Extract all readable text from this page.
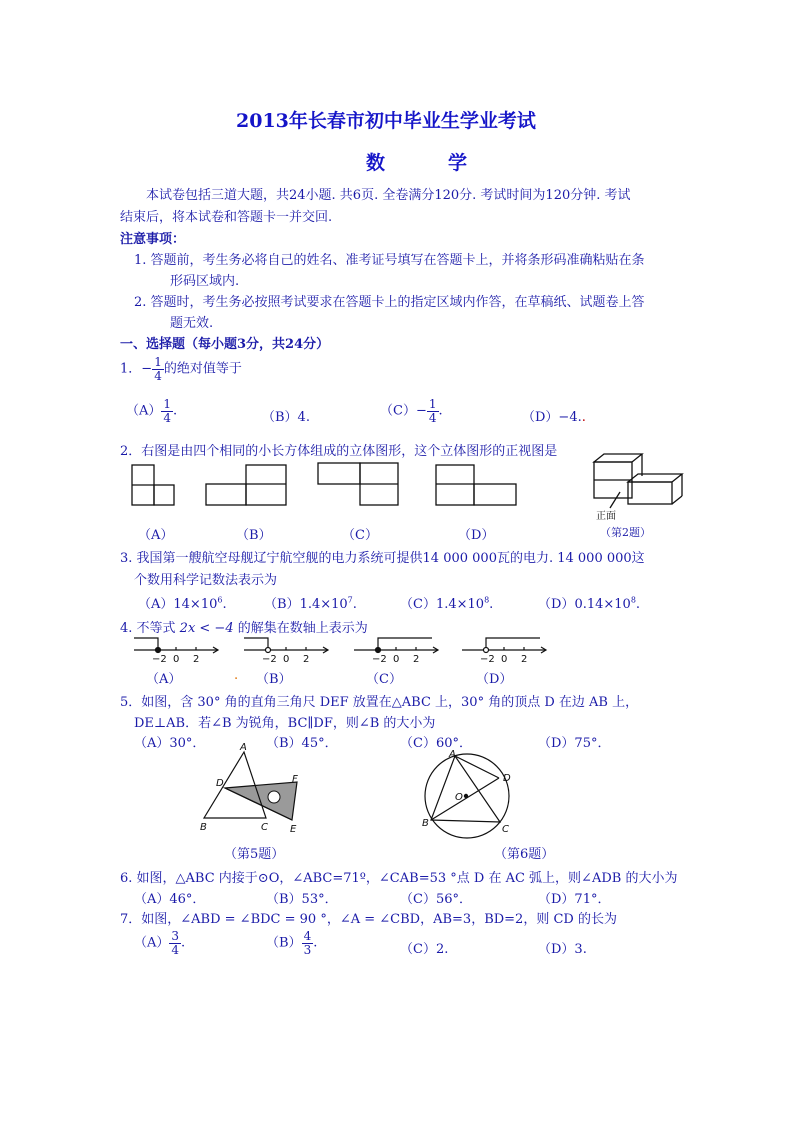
2013年长春市初中毕业生学业考试
数　学
本试卷包括三道大题，共24小题. 共6页. 全卷满分120分. 考试时间为120分钟. 考试
结束后，将本试卷和答题卡一并交回.
注意事项：
1. 答题前，考生务必将自己的姓名、准考证号填写在答题卡上，并将条形码准确粘贴在条
形码区域内.
2. 答题时，考生务必按照考试要求在答题卡上的指定区域内作答，在草稿纸、试题卷上答
题无效.
一、选择题（每小题3分，共24分）
1．− $\frac{1}{4}$ 的绝对值等于
$(A) \frac{1}{4}$ .	（B）4.	$(C)- \frac{1}{4}$ .	（D）−4..
2．右图是由四个相同的小长方体组成的立体图形，这个立体图形的正视图是
正面
−2 0 2	−2 0 2	−2 0 2	−2 0 2
A
D	F
B	C E
A
D
O
B
C
（A）	（B）	（C）	（D）	（第2题）
3. 我国第一艘航空母舰辽宁航空舰的电力系统可提供14 000 000瓦的电力. 14 000 000这
个数用科学记数法表示为
$(A)14\times 10^6$.	$(B)1.4\times 10^7$.	$(C)1.4\times 10^8$.	$(D)0.14\times 10^8$.
4. 不等式 2x < −4 的解集在数轴上表示为
（A）	. （B）	（C）	（D）
5．如图，含 30° 角的直角三角尺 DEF 放置在△ABC 上，30° 角的顶点 D 在边 AB 上，
DE⊥AB．若∠B 为锐角，BC∥DF，则∠B 的大小为
（A）30°．	（B）45°．	（C）60°．	（D）75°．
（第5题）	（第6题）
6. 如图，△ABC 内接于⊙O，∠ABC=71º，∠CAB=53 °点 D 在 AC 弧上，则∠ADB 的大小为
（A）46°．	（B）53°．	（C）56°．	（D）71°．
7．如图，∠ABD = ∠BDC = 90 °，∠A = ∠CBD，AB=3，BD=2，则 CD 的长为
$(A) \frac{3}{4}$ .	$(B) \frac{4}{3}$ .	（C）2.	（D）3.
